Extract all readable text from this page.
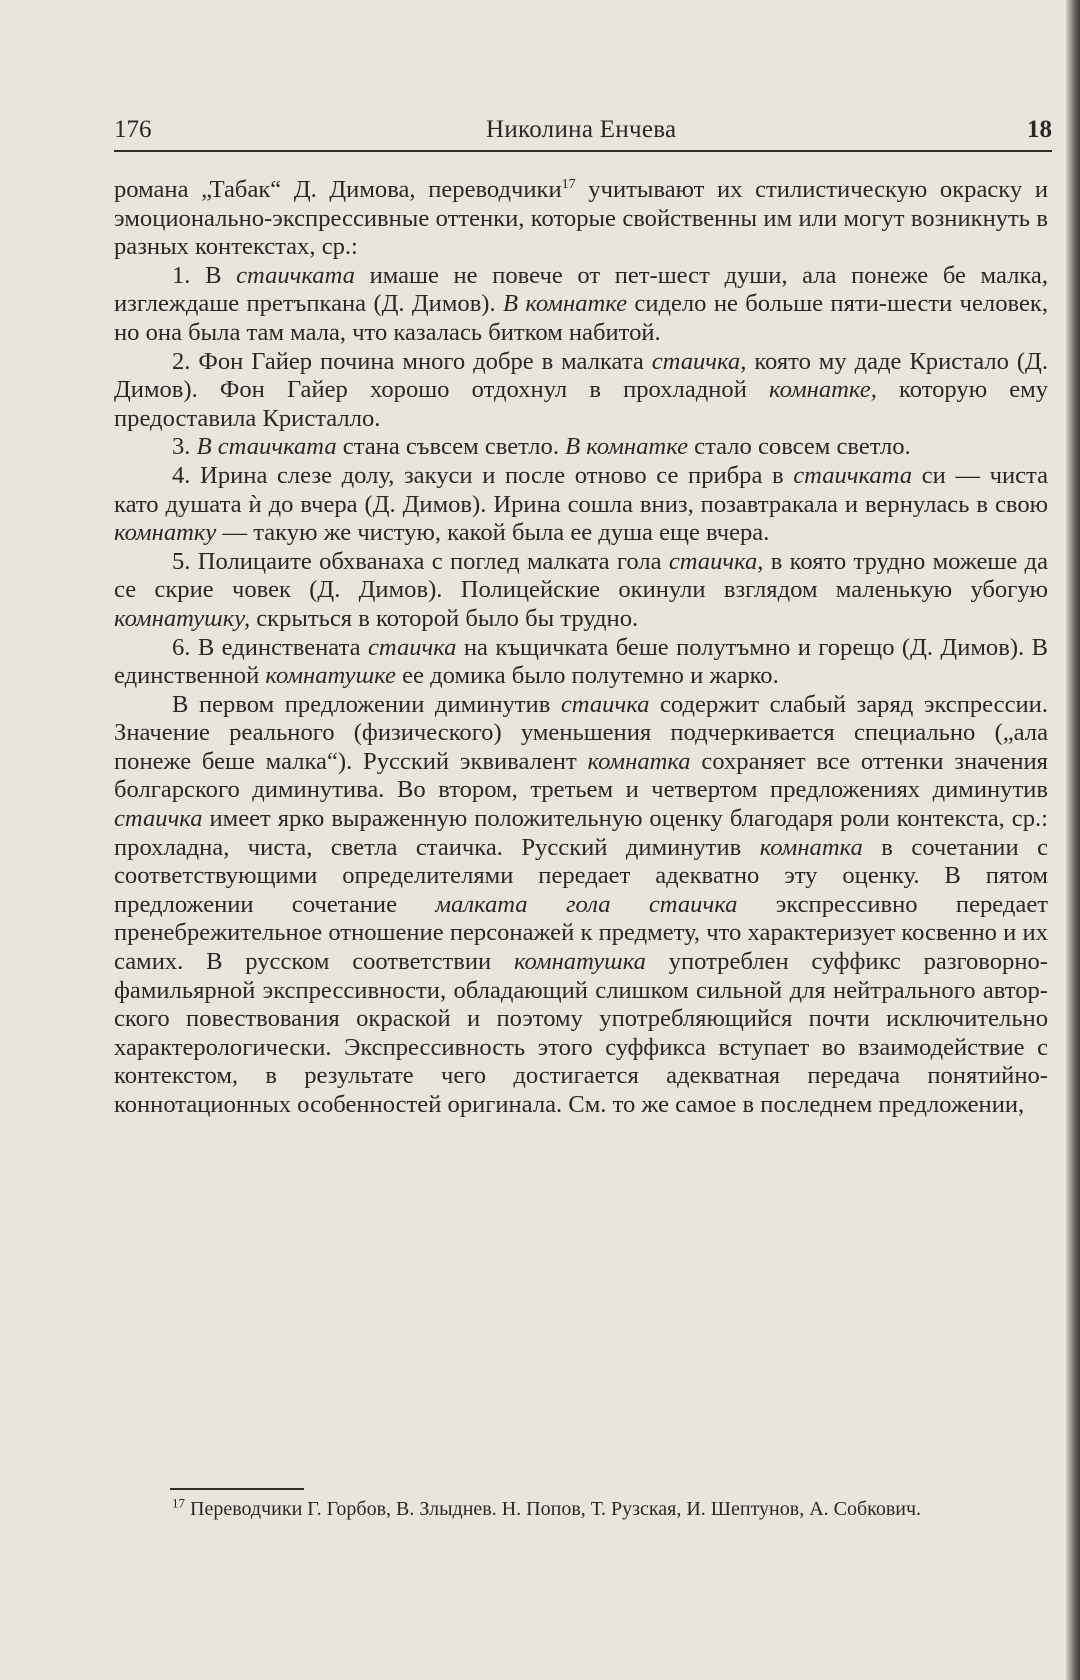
176	Николина Енчева	18

романа „Табак“ Д. Димова, переводчики$^{17}$ учитывают их стилистическую окраску и эмоционально-экспрессивные оттенки, которые свойственны им или могут возникнуть в разных контекстах, ср.:

1. В стаичката имаше не повече от пет-шест души, ала понеже бе малка, изглеждаше претъпкана (Д. Димов). В комнатке сидело не больше пяти-шести человек, но она была там мала, что казалась битком набитой.

2. Фон Гайер почина много добре в малката стаичка, която му даде Кристало (Д. Димов). Фон Гайер хорошо отдохнул в прохладной комнатке, которую ему предоставила Кристалло.

3. В стаичката стана съвсем светло. В комнатке стало совсем светло.

4. Ирина слезе долу, закуси и после отново се прибра в стаичката си — чиста като душата ѝ до вчера (Д. Димов). Ирина сошла вниз, позавтракала и вернулась в свою комнатку — такую же чистую, какой была ее душа еще вчера.

5. Полицаите обхванаха с поглед малката гола стаичка, в която трудно можеше да се скрие човек (Д. Димов). Полицейские окинули взглядом маленькую убогую комнатушку, скрыться в которой было бы трудно.

6. В единствената стаичка на къщичката беше полутъмно и горещо (Д. Димов). В единственной комнатушке ее домика было полутемно и жарко.

В первом предложении диминутив стаичка содержит слабый заряд экспрессии. Значение реального (физического) уменьшения подчеркивается специально („ала понеже беше малка“). Русский эквивалент комнатка сохраняет все оттенки значения болгарского диминутива. Во втором, третьем и четвертом предложениях диминутив стаичка имеет ярко выраженную положительную оценку благодаря роли контекста, ср.: прохладна, чиста, светла стаичка. Русский диминутив комнатка в сочетании с соответствующими определителями передает адекватно эту оценку. В пятом предложении сочетание малката гола стаичка экспрессивно передает пренебрежительное отношение персонажей к предмету, что характеризует косвенно и их самих. В русском соответствии комнатушка употреблен суффикс разговорно-фамильярной экспрессивности, обладающий слишком сильной для нейтрального авторского повествования окраской и поэтому употребляющийся почти исключительно характерологически. Экспрессивность этого суффикса вступает во взаимодействие с контекстом, в результате чего достигается адекватная передача понятийно-коннотационных особенностей оригинала. См. то же самое в последнем предложении,

$^{17}$ Переводчики Г. Горбов, В. Злыднев. Н. Попов, Т. Рузская, И. Шептунов, А. Собкович.
